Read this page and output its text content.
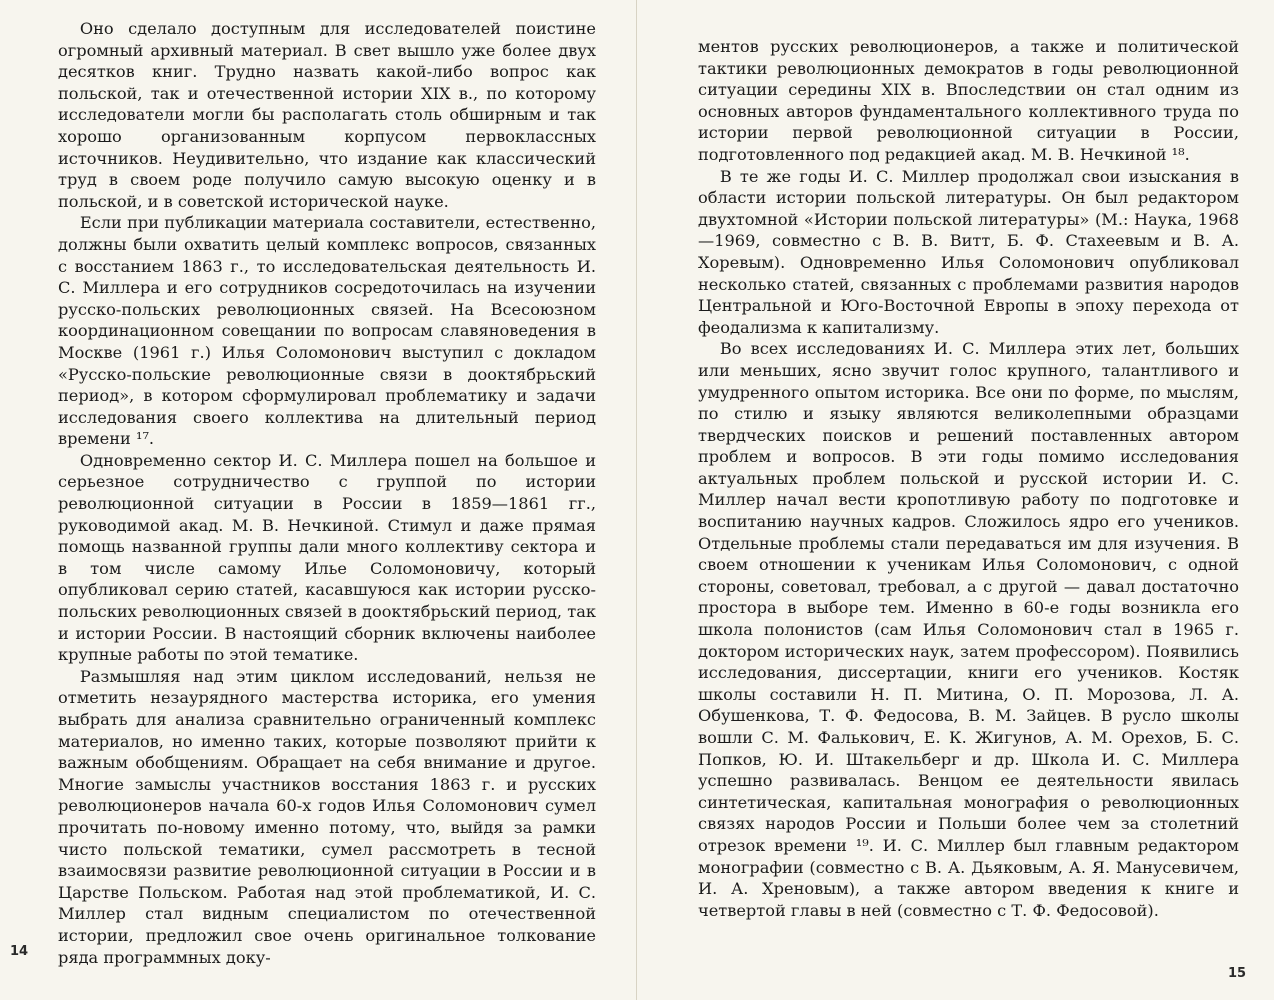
Оно сделало доступным для исследователей поистине огромный архивный материал. В свет вышло уже более двух десятков книг. Трудно назвать какой-либо вопрос как польской, так и отечественной истории XIX в., по которому исследователи могли бы располагать столь обширным и так хорошо организованным корпусом первоклассных источников. Неудивительно, что издание как классический труд в своем роде получило самую высокую оценку и в польской, и в советской исторической науке.

Если при публикации материала составители, естественно, должны были охватить целый комплекс вопросов, связанных с восстанием 1863 г., то исследовательская деятельность И. С. Миллера и его сотрудников сосредоточилась на изучении русско-польских революционных связей. На Всесоюзном координационном совещании по вопросам славяноведения в Москве (1961 г.) Илья Соломонович выступил с докладом «Русско-польские революционные связи в дооктябрьский период», в котором сформулировал проблематику и задачи исследования своего коллектива на длительный период времени ¹⁷.

Одновременно сектор И. С. Миллера пошел на большое и серьезное сотрудничество с группой по истории революционной ситуации в России в 1859—1861 гг., руководимой акад. М. В. Нечкиной. Стимул и даже прямая помощь названной группы дали много коллективу сектора и в том числе самому Илье Соломоновичу, который опубликовал серию статей, касавшуюся как истории русско-польских революционных связей в дооктябрьский период, так и истории России. В настоящий сборник включены наиболее крупные работы по этой тематике.

Размышляя над этим циклом исследований, нельзя не отметить незаурядного мастерства историка, его умения выбрать для анализа сравнительно ограниченный комплекс материалов, но именно таких, которые позволяют прийти к важным обобщениям. Обращает на себя внимание и другое. Многие замыслы участников восстания 1863 г. и русских революционеров начала 60-х годов Илья Соломонович сумел прочитать по-новому именно потому, что, выйдя за рамки чисто польской тематики, сумел рассмотреть в тесной взаимосвязи развитие революционной ситуации в России и в Царстве Польском. Работая над этой проблематикой, И. С. Миллер стал видным специалистом по отечественной истории, предложил свое очень оригинальное толкование ряда программных доку-

14

ментов русских революционеров, а также и политической тактики революционных демократов в годы революционной ситуации середины XIX в. Впоследствии он стал одним из основных авторов фундаментального коллективного труда по истории первой революционной ситуации в России, подготовленного под редакцией акад. М. В. Нечкиной ¹⁸.

В те же годы И. С. Миллер продолжал свои изыскания в области истории польской литературы. Он был редактором двухтомной «Истории польской литературы» (М.: Наука, 1968—1969, совместно с В. В. Витт, Б. Ф. Стахеевым и В. А. Хоревым). Одновременно Илья Соломонович опубликовал несколько статей, связанных с проблемами развития народов Центральной и Юго-Восточной Европы в эпоху перехода от феодализма к капитализму.

Во всех исследованиях И. С. Миллера этих лет, больших или меньших, ясно звучит голос крупного, талантливого и умудренного опытом историка. Все они по форме, по мыслям, по стилю и языку являются великолепными образцами твердческих поисков и решений поставленных автором проблем и вопросов. В эти годы помимо исследования актуальных проблем польской и русской истории И. С. Миллер начал вести кропотливую работу по подготовке и воспитанию научных кадров. Сложилось ядро его учеников. Отдельные проблемы стали передаваться им для изучения. В своем отношении к ученикам Илья Соломонович, с одной стороны, советовал, требовал, а с другой — давал достаточно простора в выборе тем. Именно в 60-е годы возникла его школа полонистов (сам Илья Соломонович стал в 1965 г. доктором исторических наук, затем профессором). Появились исследования, диссертации, книги его учеников. Костяк школы составили Н. П. Митина, О. П. Морозова, Л. А. Обушенкова, Т. Ф. Федосова, В. М. Зайцев. В русло школы вошли С. М. Фалькович, Е. К. Жигунов, А. М. Орехов, Б. С. Попков, Ю. И. Штакельберг и др. Школа И. С. Миллера успешно развивалась. Венцом ее деятельности явилась синтетическая, капитальная монография о революционных связях народов России и Польши более чем за столетний отрезок времени ¹⁹. И. С. Миллер был главным редактором монографии (совместно с В. А. Дьяковым, А. Я. Манусевичем, И. А. Хреновым), а также автором введения к книге и четвертой главы в ней (совместно с Т. Ф. Федосовой).

15
